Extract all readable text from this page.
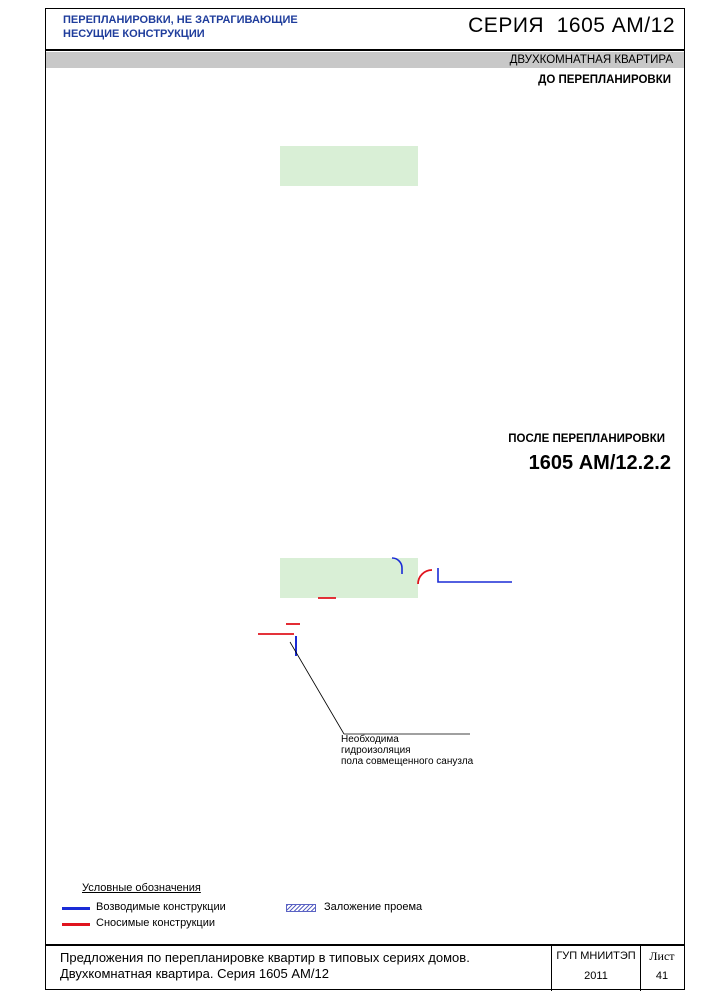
ПЕРЕПЛАНИРОВКИ, НЕ ЗАТРАГИВАЮЩИЕ
НЕСУЩИЕ КОНСТРУКЦИИ	СЕРИЯ  1605 АМ/12
ДВУХКОМНАТНАЯ КВАРТИРА
ДО ПЕРЕПЛАНИРОВКИ
ПОСЛЕ ПЕРЕПЛАНИРОВКИ
1605 АМ/12.2.2
Необходима
гидроизоляция
пола совмещенного санузла
Условные обозначения
Возводимые конструкции
Сносимые конструкции
Заложение проема
Предложения по перепланировке квартир в типовых сериях домов.
Двухкомнатная квартира. Серия 1605 АМ/12
ГУП МНИИТЭП
2011
Лист
41
